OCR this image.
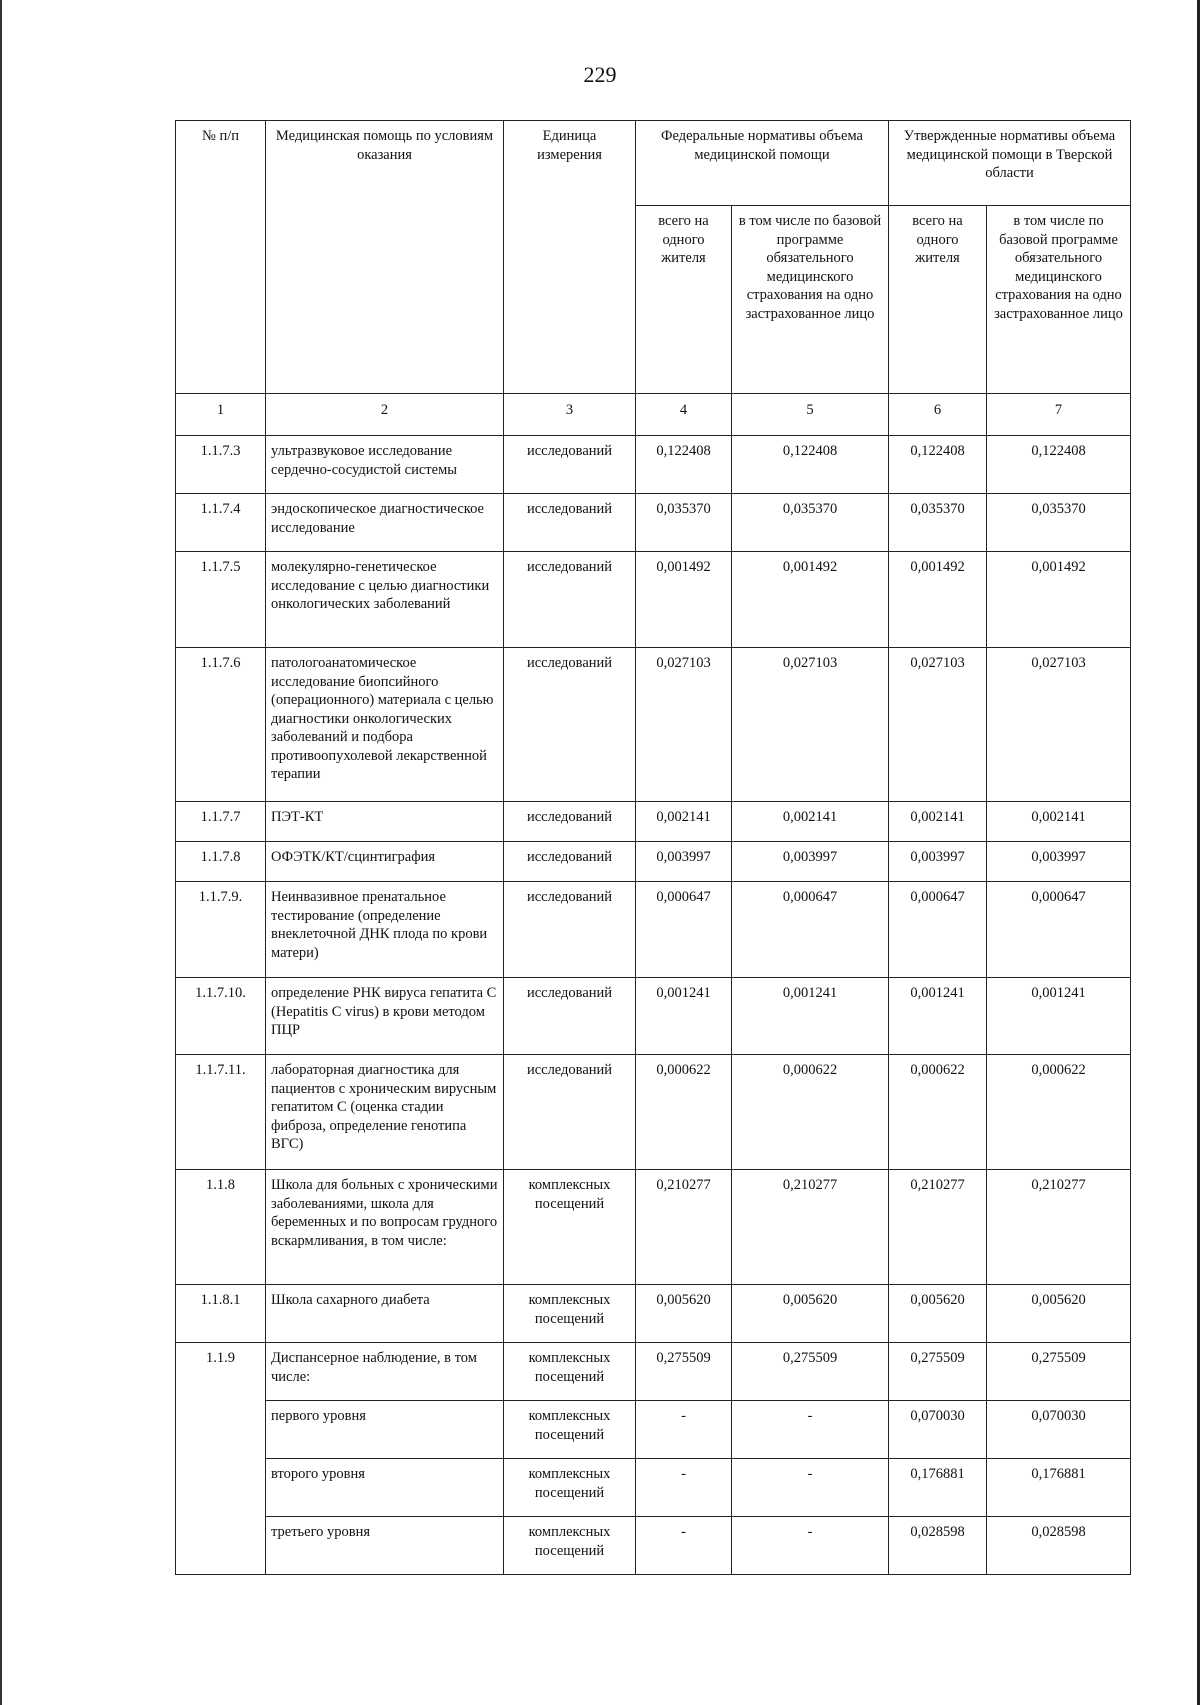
229
№ п/п	Медицинская помощь по условиям оказания	Единица измерения	Федеральные нормативы объема медицинской помощи		Утвержденные нормативы объема медицинской помощи в Тверской области	
			всего на одного жителя	в том числе по базовой программе обязательного медицинского страхования на одно застрахованное лицо	всего на одного жителя	в том числе по базовой программе обязательного медицинского страхования на одно застрахованное лицо
1	2	3	4	5	6	7
1.1.7.3	ультразвуковое исследование сердечно-сосудистой системы	исследований	0,122408	0,122408	0,122408	0,122408
1.1.7.4	эндоскопическое диагностическое исследование	исследований	0,035370	0,035370	0,035370	0,035370
1.1.7.5	молекулярно-генетическое исследование с целью диагностики онкологических заболеваний	исследований	0,001492	0,001492	0,001492	0,001492
1.1.7.6	патологоанатомическое исследование биопсийного (операционного) материала с целью диагностики онкологических заболеваний и подбора противоопухолевой лекарственной терапии	исследований	0,027103	0,027103	0,027103	0,027103
1.1.7.7	ПЭТ-КТ	исследований	0,002141	0,002141	0,002141	0,002141
1.1.7.8	ОФЭТК/КТ/сцинтиграфия	исследований	0,003997	0,003997	0,003997	0,003997
1.1.7.9.	Неинвазивное пренатальное тестирование (определение внеклеточной ДНК плода по крови матери)	исследований	0,000647	0,000647	0,000647	0,000647
1.1.7.10.	определение РНК вируса гепатита С (Hepatitis C virus) в крови методом ПЦР	исследований	0,001241	0,001241	0,001241	0,001241
1.1.7.11.	лабораторная диагностика для пациентов с хроническим вирусным гепатитом С (оценка стадии фиброза, определение генотипа ВГС)	исследований	0,000622	0,000622	0,000622	0,000622
1.1.8	Школа для больных с хроническими заболеваниями, школа для беременных и по вопросам грудного вскармливания, в том числе:	комплексных посещений	0,210277	0,210277	0,210277	0,210277
1.1.8.1	Школа сахарного диабета	комплексных посещений	0,005620	0,005620	0,005620	0,005620
1.1.9	Диспансерное наблюдение, в том числе:	комплексных посещений	0,275509	0,275509	0,275509	0,275509
	первого уровня	комплексных посещений	-	-	0,070030	0,070030
	второго уровня	комплексных посещений	-	-	0,176881	0,176881
	третьего уровня	комплексных посещений	-	-	0,028598	0,028598
